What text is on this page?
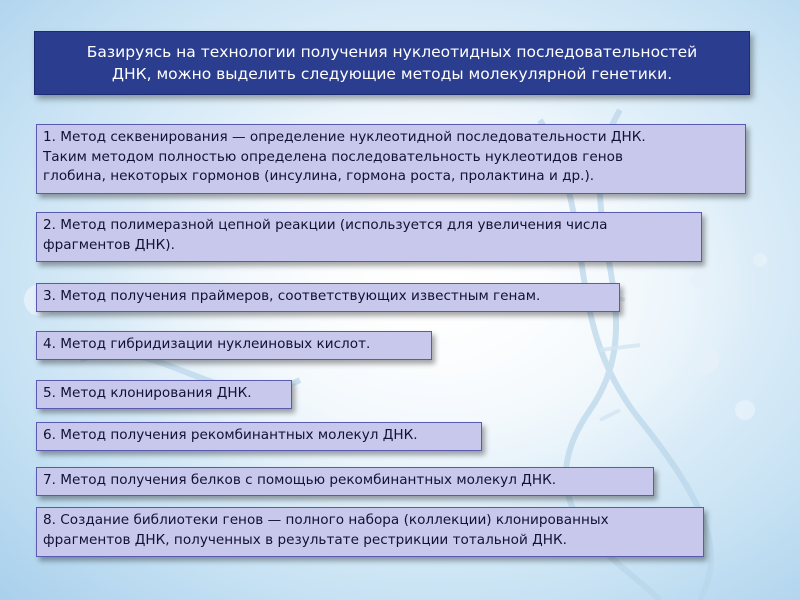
Базируясь на технологии получения нуклеотидных последовательностей
ДНК, можно выделить следующие методы молекулярной генетики.
1. Метод секвенирования — определение нуклеотидной последовательности ДНК.
Таким методом полностью определена последовательность нуклеотидов генов
глобина, некоторых гормонов (инсулина, гормона роста, пролактина и др.).
2. Метод полимеразной цепной реакции (используется для увеличения числа
фрагментов ДНК).
3. Метод получения праймеров, соответствующих известным генам.
4. Метод гибридизации нуклеиновых кислот.
5. Метод клонирования ДНК.
6. Метод получения рекомбинантных молекул ДНК.
7. Метод получения белков с помощью рекомбинантных молекул ДНК.
8. Создание библиотеки генов — полного набора (коллекции) клонированных
фрагментов ДНК, полученных в результате рестрикции тотальной ДНК.
